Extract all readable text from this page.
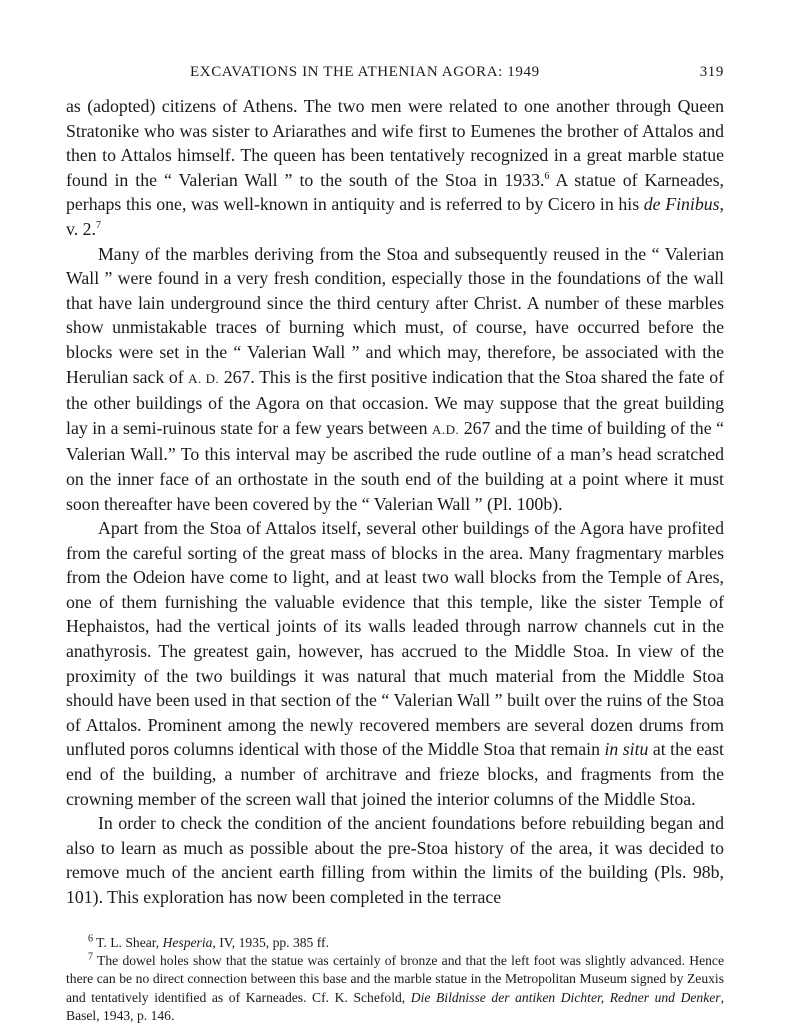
EXCAVATIONS IN THE ATHENIAN AGORA: 1949	319

as (adopted) citizens of Athens. The two men were related to one another through Queen Stratonike who was sister to Ariarathes and wife first to Eumenes the brother of Attalos and then to Attalos himself. The queen has been tentatively recognized in a great marble statue found in the “ Valerian Wall ” to the south of the Stoa in 1933.$^6$ A statue of Karneades, perhaps this one, was well-known in antiquity and is referred to by Cicero in his de Finibus, v. 2.$^7$

Many of the marbles deriving from the Stoa and subsequently reused in the “ Valerian Wall ” were found in a very fresh condition, especially those in the foundations of the wall that have lain underground since the third century after Christ. A number of these marbles show unmistakable traces of burning which must, of course, have occurred before the blocks were set in the “ Valerian Wall ” and which may, therefore, be associated with the Herulian sack of A. D. 267. This is the first positive indication that the Stoa shared the fate of the other buildings of the Agora on that occasion. We may suppose that the great building lay in a semi-ruinous state for a few years between A.D. 267 and the time of building of the “ Valerian Wall.” To this interval may be ascribed the rude outline of a man’s head scratched on the inner face of an orthostate in the south end of the building at a point where it must soon thereafter have been covered by the “ Valerian Wall ” (Pl. 100b).

Apart from the Stoa of Attalos itself, several other buildings of the Agora have profited from the careful sorting of the great mass of blocks in the area. Many fragmentary marbles from the Odeion have come to light, and at least two wall blocks from the Temple of Ares, one of them furnishing the valuable evidence that this temple, like the sister Temple of Hephaistos, had the vertical joints of its walls leaded through narrow channels cut in the anathyrosis. The greatest gain, however, has accrued to the Middle Stoa. In view of the proximity of the two buildings it was natural that much material from the Middle Stoa should have been used in that section of the “ Valerian Wall ” built over the ruins of the Stoa of Attalos. Prominent among the newly recovered members are several dozen drums from unfluted poros columns identical with those of the Middle Stoa that remain in situ at the east end of the building, a number of architrave and frieze blocks, and fragments from the crowning member of the screen wall that joined the interior columns of the Middle Stoa.

In order to check the condition of the ancient foundations before rebuilding began and also to learn as much as possible about the pre-Stoa history of the area, it was decided to remove much of the ancient earth filling from within the limits of the building (Pls. 98b, 101). This exploration has now been completed in the terrace

$^6$ T. L. Shear, Hesperia, IV, 1935, pp. 385 ff.

$^7$ The dowel holes show that the statue was certainly of bronze and that the left foot was slightly advanced. Hence there can be no direct connection between this base and the marble statue in the Metropolitan Museum signed by Zeuxis and tentatively identified as of Karneades. Cf. K. Schefold, Die Bildnisse der antiken Dichter, Redner und Denker, Basel, 1943, p. 146.
